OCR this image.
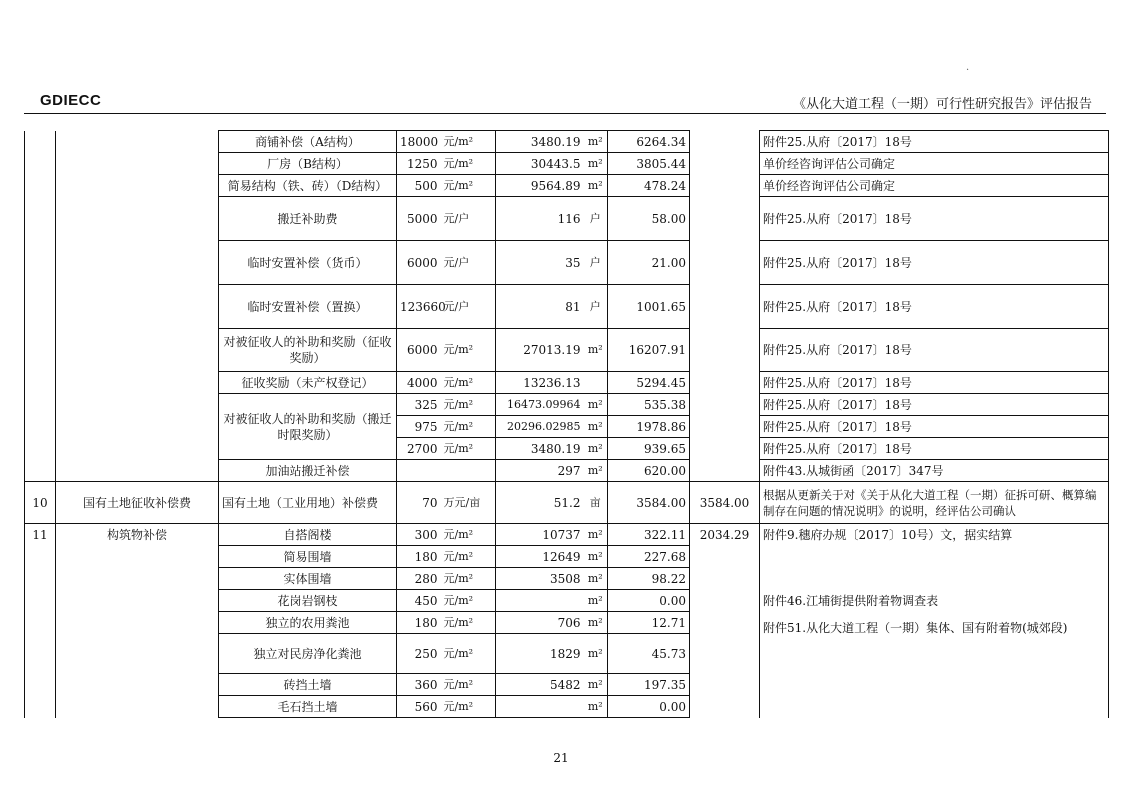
·
GDIECC	《从化大道工程（一期）可行性研究报告》评估报告
		商铺补偿（A结构）	18000	元/m²	3480.19	m²	6264.34		附件25.从府〔2017〕18号
		厂房（B结构）	1250	元/m²	30443.5	m²	3805.44		单价经咨询评估公司确定
		简易结构（铁、砖）（D结构）	500	元/m²	9564.89	m²	478.24		单价经咨询评估公司确定
		搬迁补助费	5000	元/户	116	户	58.00		附件25.从府〔2017〕18号
		临时安置补偿（货币）	6000	元/户	35	户	21.00		附件25.从府〔2017〕18号
		临时安置补偿（置换）	123660	元/户	81	户	1001.65		附件25.从府〔2017〕18号
		对被征收人的补助和奖励（征收奖励）	6000	元/m²	27013.19	m²	16207.91		附件25.从府〔2017〕18号
		征收奖励（未产权登记）	4000	元/m²	13236.13		5294.45		附件25.从府〔2017〕18号
		对被征收人的补助和奖励（搬迁时限奖励）	325	元/m²	16473.09964	m²	535.38		附件25.从府〔2017〕18号
			975	元/m²	20296.02985	m²	1978.86		附件25.从府〔2017〕18号
			2700	元/m²	3480.19	m²	939.65		附件25.从府〔2017〕18号
		加油站搬迁补偿			297	m²	620.00		附件43.从城街函〔2017〕347号
10	国有土地征收补偿费	国有土地（工业用地）补偿费	70	万元/亩	51.2	亩	3584.00	3584.00	根据从更新关于对《关于从化大道工程（一期）征拆可研、概算编制存在问题的情况说明》的说明，经评估公司确认
11	构筑物补偿	自搭阁楼	300	元/m²	10737	m²	322.11	2034.29	附件9.穗府办规〔2017〕10号）文，据实结算
		简易围墙	180	元/m²	12649	m²	227.68		附件46.江埔街提供附着物调查表
		实体围墙	280	元/m²	3508	m²	98.22		
		花岗岩钢枝	450	元/m²		m²	0.00		
		独立的农用粪池	180	元/m²	706	m²	12.71		附件51.从化大道工程（一期）集体、国有附着物(城郊段)
		独立对民房净化粪池	250	元/m²	1829	m²	45.73		
		砖挡土墙	360	元/m²	5482	m²	197.35		
		毛石挡土墙	560	元/m²		m²	0.00		
21
